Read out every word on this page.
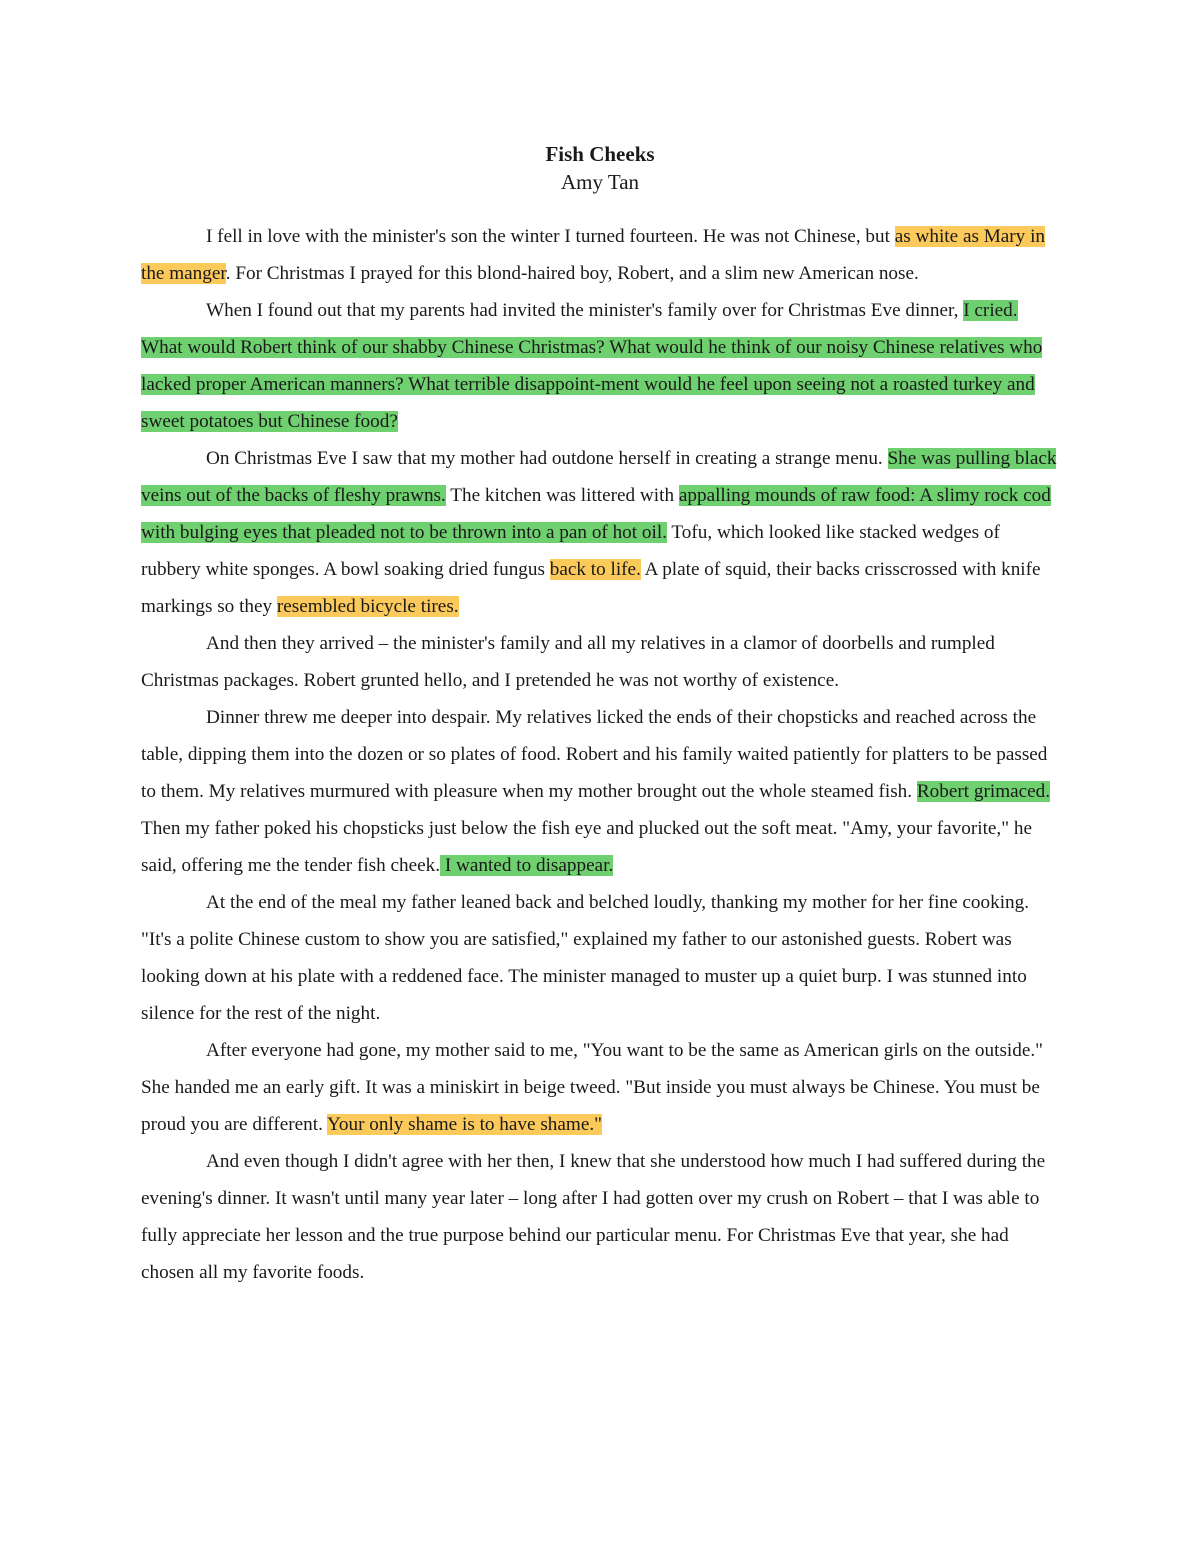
Fish Cheeks
Amy Tan

I fell in love with the minister's son the winter I turned fourteen. He was not Chinese, but as white as Mary in the manger. For Christmas I prayed for this blond-haired boy, Robert, and a slim new American nose.

When I found out that my parents had invited the minister's family over for Christmas Eve dinner, I cried. What would Robert think of our shabby Chinese Christmas? What would he think of our noisy Chinese relatives who lacked proper American manners? What terrible disappoint-ment would he feel upon seeing not a roasted turkey and sweet potatoes but Chinese food?

On Christmas Eve I saw that my mother had outdone herself in creating a strange menu. She was pulling black veins out of the backs of fleshy prawns. The kitchen was littered with appalling mounds of raw food: A slimy rock cod with bulging eyes that pleaded not to be thrown into a pan of hot oil. Tofu, which looked like stacked wedges of rubbery white sponges. A bowl soaking dried fungus back to life. A plate of squid, their backs crisscrossed with knife markings so they resembled bicycle tires.

And then they arrived – the minister's family and all my relatives in a clamor of doorbells and rumpled Christmas packages. Robert grunted hello, and I pretended he was not worthy of existence.

Dinner threw me deeper into despair. My relatives licked the ends of their chopsticks and reached across the table, dipping them into the dozen or so plates of food. Robert and his family waited patiently for platters to be passed to them. My relatives murmured with pleasure when my mother brought out the whole steamed fish. Robert grimaced. Then my father poked his chopsticks just below the fish eye and plucked out the soft meat. "Amy, your favorite," he said, offering me the tender fish cheek. I wanted to disappear.

At the end of the meal my father leaned back and belched loudly, thanking my mother for her fine cooking. "It's a polite Chinese custom to show you are satisfied," explained my father to our astonished guests. Robert was looking down at his plate with a reddened face. The minister managed to muster up a quiet burp. I was stunned into silence for the rest of the night.

After everyone had gone, my mother said to me, "You want to be the same as American girls on the outside." She handed me an early gift. It was a miniskirt in beige tweed. "But inside you must always be Chinese. You must be proud you are different. Your only shame is to have shame."

And even though I didn't agree with her then, I knew that she understood how much I had suffered during the evening's dinner. It wasn't until many year later – long after I had gotten over my crush on Robert – that I was able to fully appreciate her lesson and the true purpose behind our particular menu. For Christmas Eve that year, she had chosen all my favorite foods.
